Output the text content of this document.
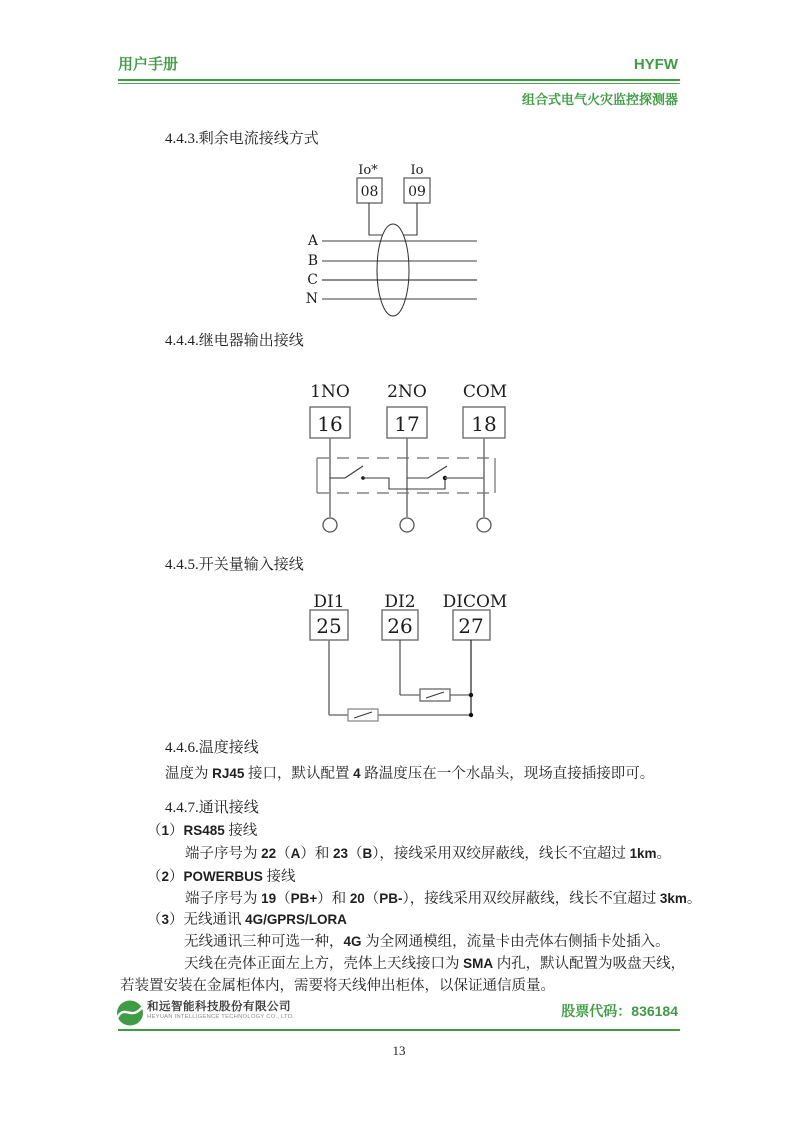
用户手册	HYFW
组合式电气火灾监控探测器
4.4.3.剩余电流接线方式
Io*	Io
08 09
A
B
C
N
4.4.4.继电器输出接线
1NO 2NO COM
16	17	18
4.4.5.开关量输入接线
DI1 DI2 DICOM
25 26 27
4.4.6.温度接线
温度为 RJ45 接口，默认配置 4 路温度压在一个水晶头，现场直接插接即可。
4.4.7.通讯接线
（1）RS485 接线
端子序号为 22（A）和 23（B），接线采用双绞屏蔽线，线长不宜超过 1km。
（2）POWERBUS 接线
端子序号为 19（PB+）和 20（PB-），接线采用双绞屏蔽线，线长不宜超过 3km。
（3）无线通讯 4G/GPRS/LORA
无线通讯三种可选一种，4G 为全网通模组，流量卡由壳体右侧插卡处插入。
天线在壳体正面左上方，壳体上天线接口为 SMA 内孔，默认配置为吸盘天线，
若装置安装在金属柜体内，需要将天线伸出柜体，以保证通信质量。
和远智能科技股份有限公司
HEYUAN INTELLIGENCE TECHNOLOGY CO., LTD.	股票代码：836184
13
